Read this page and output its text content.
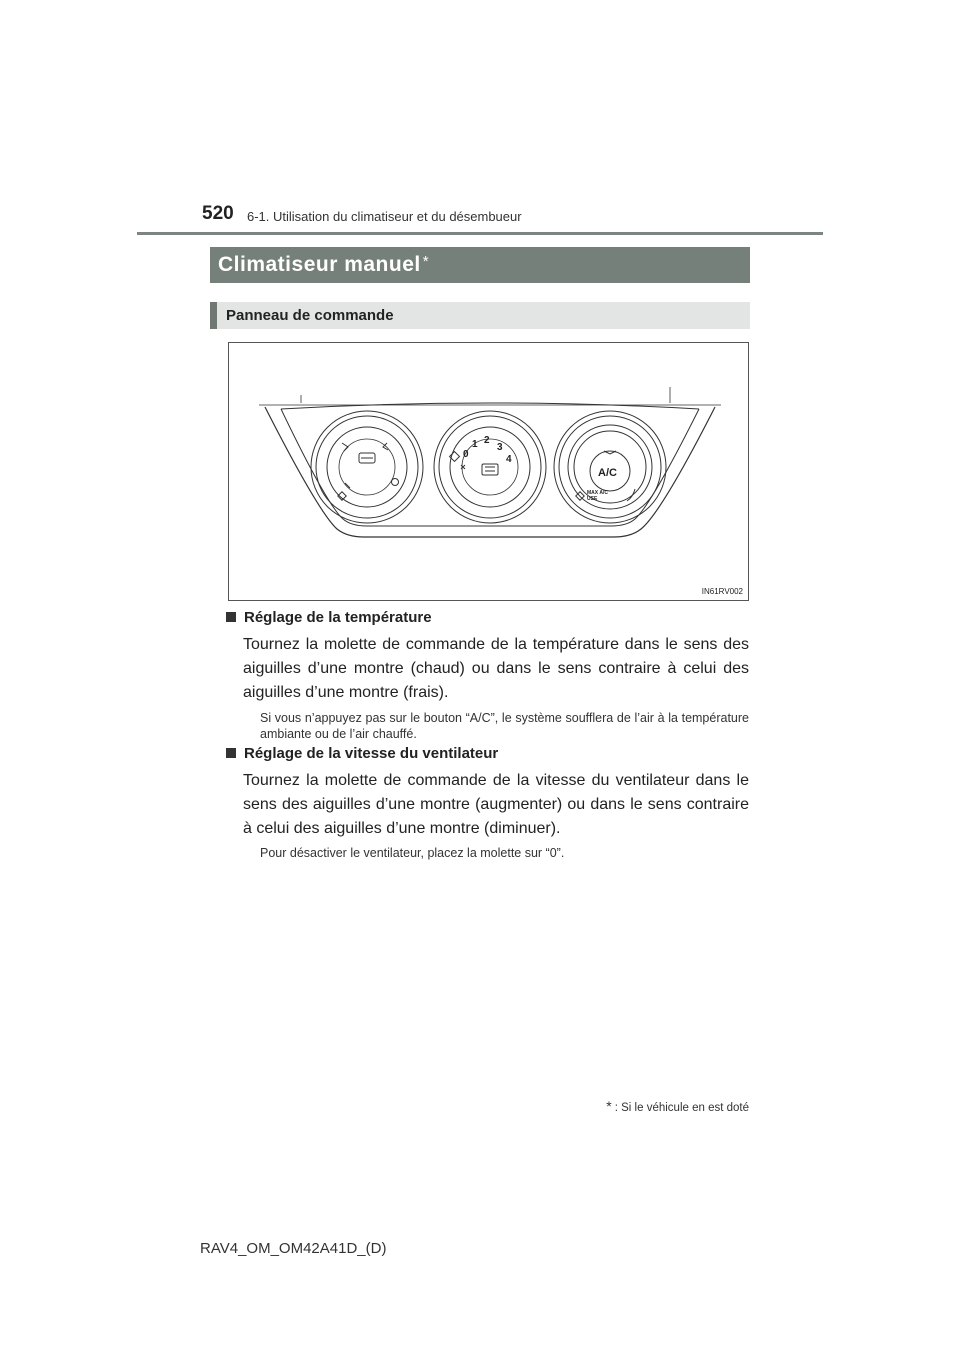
520 6-1. Utilisation du climatiseur et du désembueur
Climatiseur manuel *
Panneau de commande
0
1 2
3
4
A/C
MAX A/C
USE
IN61RV002
Réglage de la température
Tournez la molette de commande de la température dans le sens des aiguilles d’une montre (chaud) ou dans le sens contraire à celui des aiguilles d’une montre (frais).
Si vous n’appuyez pas sur le bouton “A/C”, le système soufflera de l’air à la température ambiante ou de l’air chauffé.
Réglage de la vitesse du ventilateur
Tournez la molette de commande de la vitesse du ventilateur dans le sens des aiguilles d’une montre (augmenter) ou dans le sens contraire à celui des aiguilles d’une montre (diminuer).
Pour désactiver le ventilateur, placez la molette sur “0”.
* : Si le véhicule en est doté
RAV4_OM_OM42A41D_(D)
